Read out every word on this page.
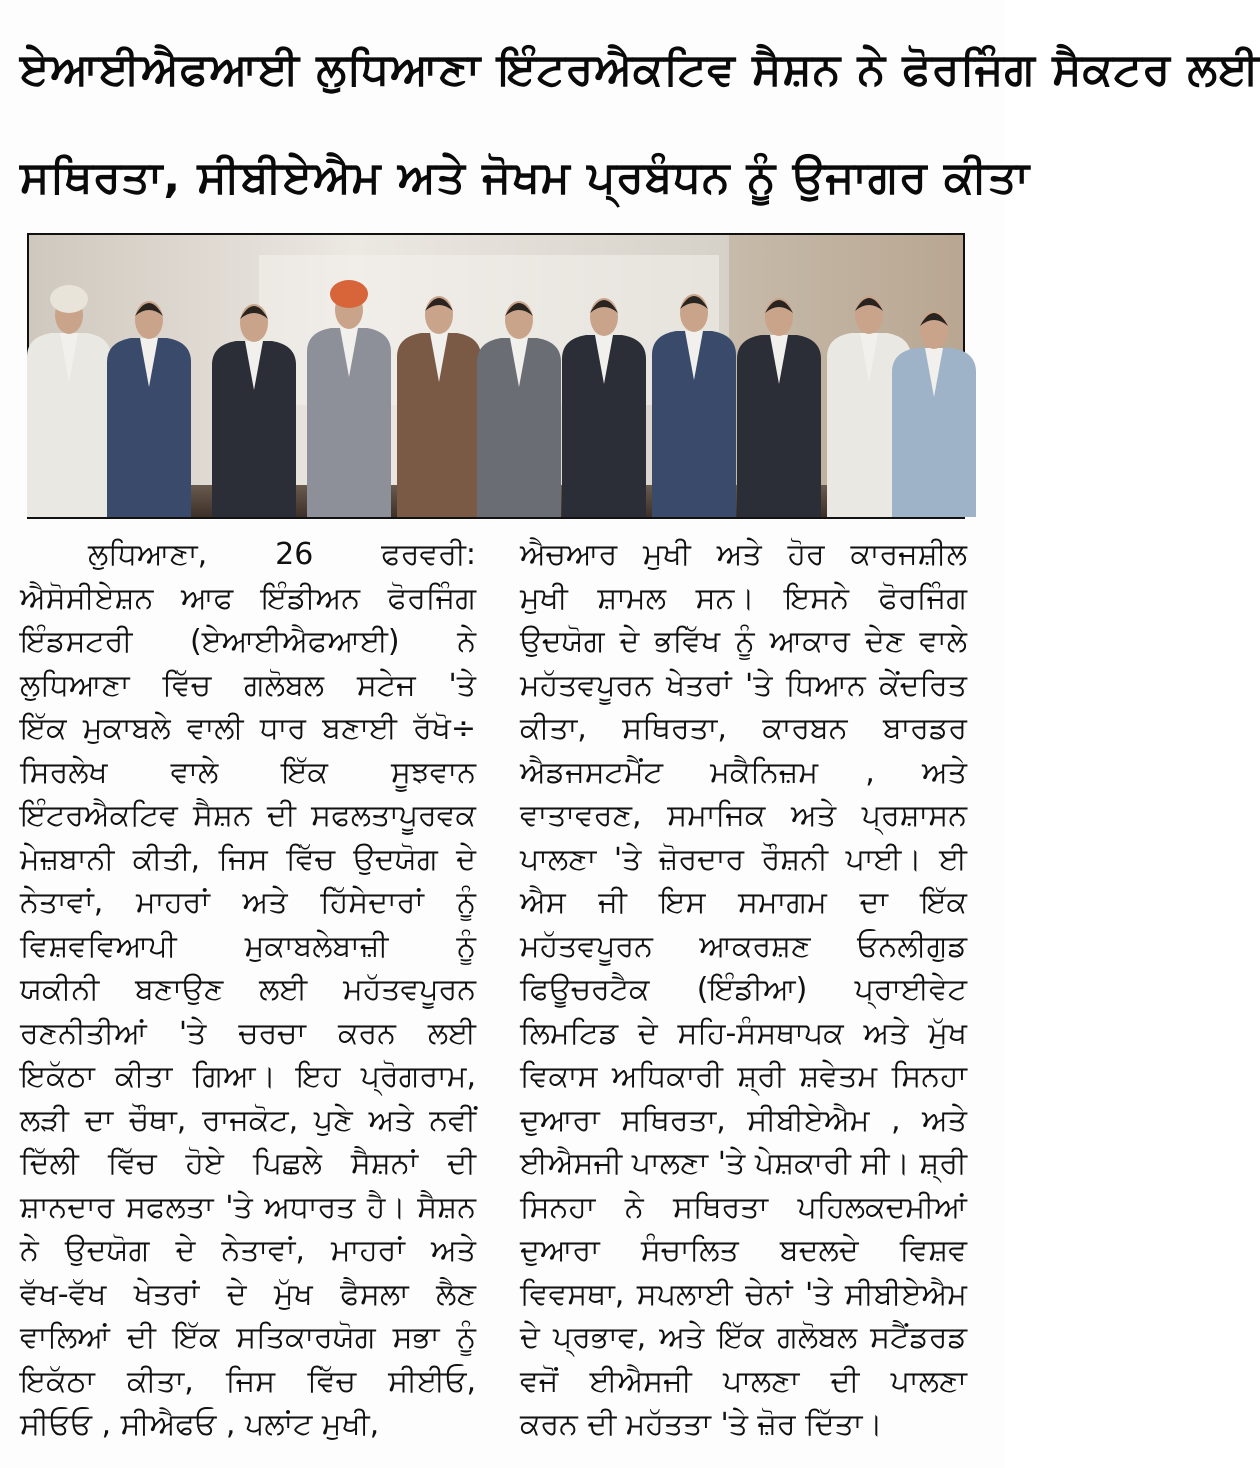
ਏਆਈਐਫਆਈ ਲੁਧਿਆਣਾ ਇੰਟਰਐਕਟਿਵ ਸੈਸ਼ਨ ਨੇ ਫੋਰਜਿੰਗ ਸੈਕਟਰ ਲਈ
ਸਥਿਰਤਾ, ਸੀਬੀਏਐਮ ਅਤੇ ਜੋਖਮ ਪ੍ਰਬੰਧਨ ਨੂੰ ਉਜਾਗਰ ਕੀਤਾ
ਲੁਧਿਆਣਾ, 26 ਫਰਵਰੀ:
ਐਸੋਸੀਏਸ਼ਨ ਆਫ ਇੰਡੀਅਨ ਫੋਰਜਿੰਗ
ਇੰਡਸਟਰੀ (ਏਆਈਐਫਆਈ) ਨੇ
ਲੁਧਿਆਣਾ ਵਿੱਚ ਗਲੋਬਲ ਸਟੇਜ 'ਤੇ
ਇੱਕ ਮੁਕਾਬਲੇ ਵਾਲੀ ਧਾਰ ਬਣਾਈ ਰੱਖੋ÷
ਸਿਰਲੇਖ ਵਾਲੇ ਇੱਕ ਸੂਝਵਾਨ
ਇੰਟਰਐਕਟਿਵ ਸੈਸ਼ਨ ਦੀ ਸਫਲਤਾਪੂਰਵਕ
ਮੇਜ਼ਬਾਨੀ ਕੀਤੀ, ਜਿਸ ਵਿੱਚ ਉਦਯੋਗ ਦੇ
ਨੇਤਾਵਾਂ, ਮਾਹਰਾਂ ਅਤੇ ਹਿੱਸੇਦਾਰਾਂ ਨੂੰ
ਵਿਸ਼ਵਵਿਆਪੀ ਮੁਕਾਬਲੇਬਾਜ਼ੀ ਨੂੰ
ਯਕੀਨੀ ਬਣਾਉਣ ਲਈ ਮਹੱਤਵਪੂਰਨ
ਰਣਨੀਤੀਆਂ 'ਤੇ ਚਰਚਾ ਕਰਨ ਲਈ
ਇਕੱਠਾ ਕੀਤਾ ਗਿਆ। ਇਹ ਪ੍ਰੋਗਰਾਮ,
ਲੜੀ ਦਾ ਚੌਥਾ, ਰਾਜਕੋਟ, ਪੁਣੇ ਅਤੇ ਨਵੀਂ
ਦਿੱਲੀ ਵਿੱਚ ਹੋਏ ਪਿਛਲੇ ਸੈਸ਼ਨਾਂ ਦੀ
ਸ਼ਾਨਦਾਰ ਸਫਲਤਾ 'ਤੇ ਅਧਾਰਤ ਹੈ। ਸੈਸ਼ਨ
ਨੇ ਉਦਯੋਗ ਦੇ ਨੇਤਾਵਾਂ, ਮਾਹਰਾਂ ਅਤੇ
ਵੱਖ-ਵੱਖ ਖੇਤਰਾਂ ਦੇ ਮੁੱਖ ਫੈਸਲਾ ਲੈਣ
ਵਾਲਿਆਂ ਦੀ ਇੱਕ ਸਤਿਕਾਰਯੋਗ ਸਭਾ ਨੂੰ
ਇਕੱਠਾ ਕੀਤਾ, ਜਿਸ ਵਿੱਚ ਸੀਈਓ,
ਸੀਓਓ , ਸੀਐਫਓ , ਪਲਾਂਟ ਮੁਖੀ,
ਐਚਆਰ ਮੁਖੀ ਅਤੇ ਹੋਰ ਕਾਰਜਸ਼ੀਲ
ਮੁਖੀ ਸ਼ਾਮਲ ਸਨ। ਇਸਨੇ ਫੋਰਜਿੰਗ
ਉਦਯੋਗ ਦੇ ਭਵਿੱਖ ਨੂੰ ਆਕਾਰ ਦੇਣ ਵਾਲੇ
ਮਹੱਤਵਪੂਰਨ ਖੇਤਰਾਂ 'ਤੇ ਧਿਆਨ ਕੇਂਦਰਿਤ
ਕੀਤਾ, ਸਥਿਰਤਾ, ਕਾਰਬਨ ਬਾਰਡਰ
ਐਡਜਸਟਮੈਂਟ ਮਕੈਨਿਜ਼ਮ , ਅਤੇ
ਵਾਤਾਵਰਣ, ਸਮਾਜਿਕ ਅਤੇ ਪ੍ਰਸ਼ਾਸਨ
ਪਾਲਣਾ 'ਤੇ ਜ਼ੋਰਦਾਰ ਰੌਸ਼ਨੀ ਪਾਈ। ਈ
ਐਸ ਜੀ ਇਸ ਸਮਾਗਮ ਦਾ ਇੱਕ
ਮਹੱਤਵਪੂਰਨ ਆਕਰਸ਼ਣ ਓਨਲੀਗੁਡ
ਫਿਊਚਰਟੈਕ (ਇੰਡੀਆ) ਪ੍ਰਾਈਵੇਟ
ਲਿਮਟਿਡ ਦੇ ਸਹਿ-ਸੰਸਥਾਪਕ ਅਤੇ ਮੁੱਖ
ਵਿਕਾਸ ਅਧਿਕਾਰੀ ਸ਼੍ਰੀ ਸ਼ਵੇਤਮ ਸਿਨਹਾ
ਦੁਆਰਾ ਸਥਿਰਤਾ, ਸੀਬੀਏਐਮ , ਅਤੇ
ਈਐਸਜੀ ਪਾਲਣਾ 'ਤੇ ਪੇਸ਼ਕਾਰੀ ਸੀ। ਸ਼੍ਰੀ
ਸਿਨਹਾ ਨੇ ਸਥਿਰਤਾ ਪਹਿਲਕਦਮੀਆਂ
ਦੁਆਰਾ ਸੰਚਾਲਿਤ ਬਦਲਦੇ ਵਿਸ਼ਵ
ਵਿਵਸਥਾ, ਸਪਲਾਈ ਚੇਨਾਂ 'ਤੇ ਸੀਬੀਏਐਮ
ਦੇ ਪ੍ਰਭਾਵ, ਅਤੇ ਇੱਕ ਗਲੋਬਲ ਸਟੈਂਡਰਡ
ਵਜੋਂ ਈਐਸਜੀ ਪਾਲਣਾ ਦੀ ਪਾਲਣਾ
ਕਰਨ ਦੀ ਮਹੱਤਤਾ 'ਤੇ ਜ਼ੋਰ ਦਿੱਤਾ।
